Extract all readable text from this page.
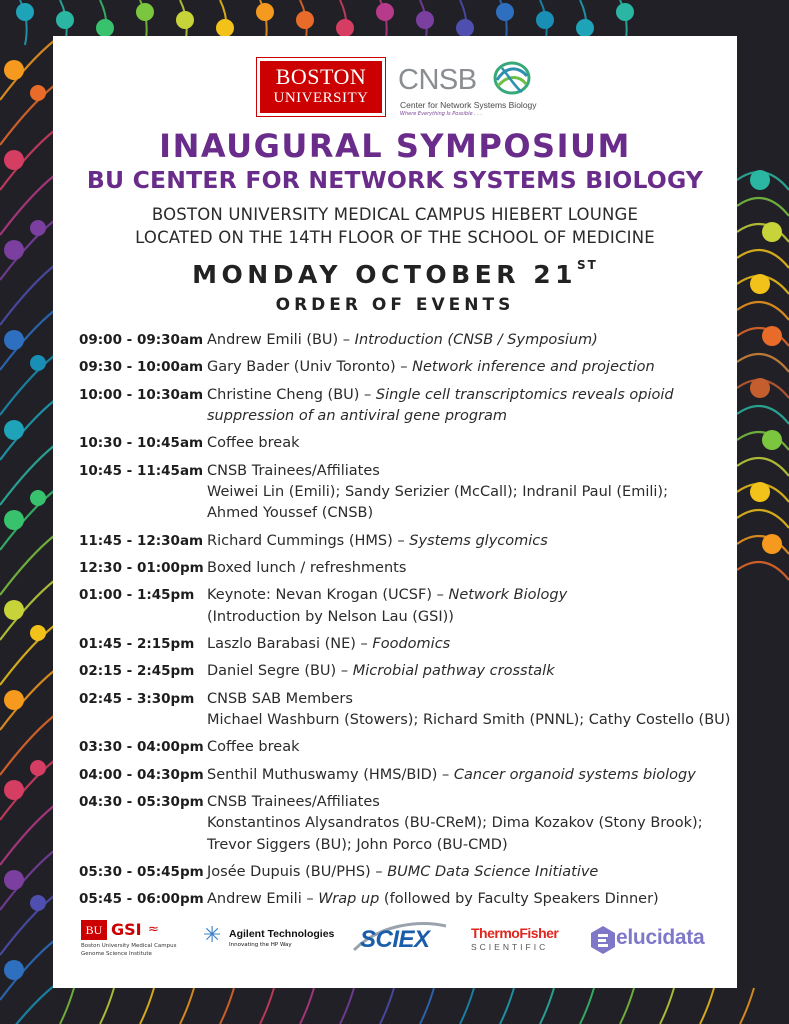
BOSTON
UNIVERSITY
CNSB
Center for Network Systems Biology
Where Everything Is Possible . . .
INAUGURAL SYMPOSIUM
BU CENTER FOR NETWORK SYSTEMS BIOLOGY
BOSTON UNIVERSITY MEDICAL CAMPUS HIEBERT LOUNGE
LOCATED ON THE 14TH FLOOR OF THE SCHOOL OF MEDICINE
MONDAY OCTOBER 21ST
ORDER OF EVENTS
09:00 - 09:30am Andrew Emili (BU) – Introduction (CNSB / Symposium)
09:30 - 10:00am Gary Bader (Univ Toronto) – Network inference and projection
10:00 - 10:30am Christine Cheng (BU) – Single cell transcriptomics reveals opioid
suppression of an antiviral gene program
10:30 - 10:45am Coffee break
10:45 - 11:45am CNSB Trainees/Affiliates
Weiwei Lin (Emili); Sandy Serizier (McCall); Indranil Paul (Emili);
Ahmed Youssef (CNSB)
11:45 - 12:30am Richard Cummings (HMS) – Systems glycomics
12:30 - 01:00pm Boxed lunch / refreshments
01:00 - 1:45pm Keynote: Nevan Krogan (UCSF) – Network Biology
(Introduction by Nelson Lau (GSI))
01:45 - 2:15pm Laszlo Barabasi (NE) – Foodomics
02:15 - 2:45pm Daniel Segre (BU) – Microbial pathway crosstalk
02:45 - 3:30pm CNSB SAB Members
Michael Washburn (Stowers); Richard Smith (PNNL); Cathy Costello (BU)
03:30 - 04:00pm Coffee break
04:00 - 04:30pm Senthil Muthuswamy (HMS/BID) – Cancer organoid systems biology
04:30 - 05:30pm CNSB Trainees/Affiliates
Konstantinos Alysandratos (BU-CReM); Dima Kozakov (Stony Brook);
Trevor Siggers (BU); John Porco (BU-CMD)
05:30 - 05:45pm Josée Dupuis (BU/PHS) – BUMC Data Science Initiative
05:45 - 06:00pm Andrew Emili – Wrap up (followed by Faculty Speakers Dinner)
BU GSI ≈
Boston University Medical Campus
Genome Science Institute
✳ Agilent Technologies
Innovating the HP Way	SCIEX	ThermoFisher
SCIENTIFIC	elucidata
